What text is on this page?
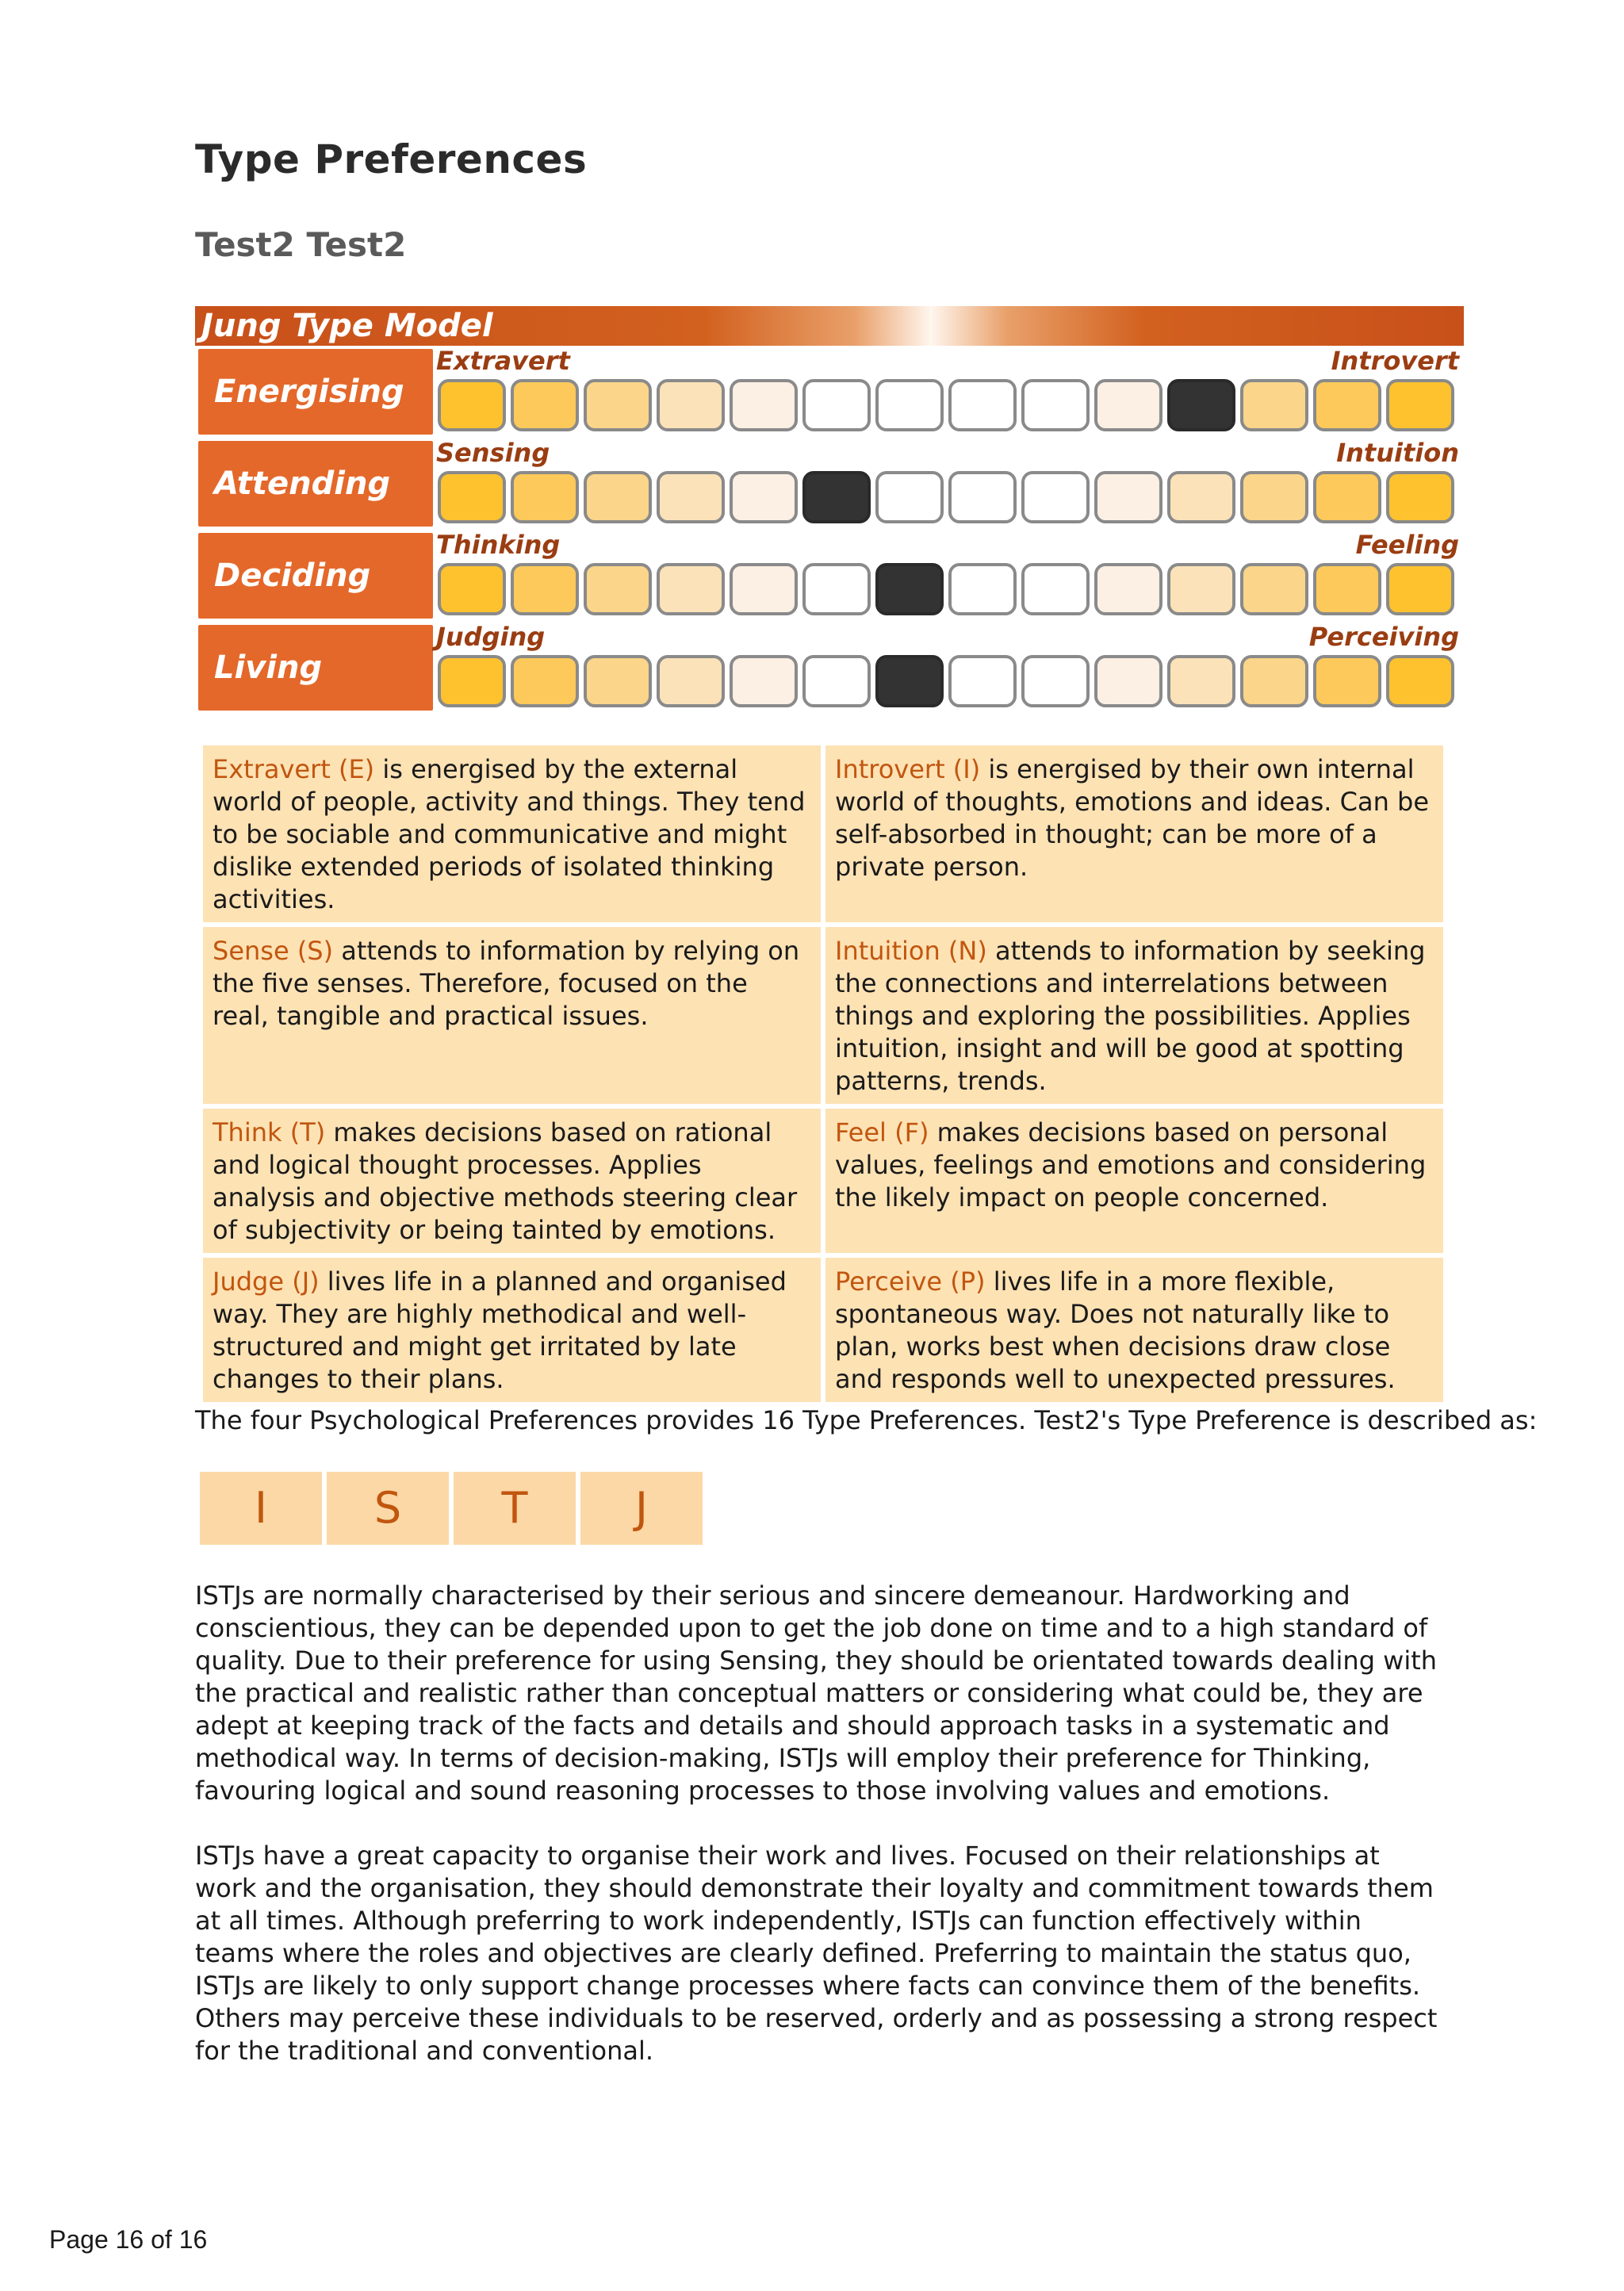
Type Preferences
Test2 Test2
Jung Type Model
Energising
Extravert	Introvert
Attending
Sensing	Intuition
Deciding
Thinking	Feeling
Living
Judging	Perceiving
Extravert (E) is energised by the external world of people, activity and things. They tend to be sociable and communicative and might dislike extended periods of isolated thinking activities.	Introvert (I) is energised by their own internal world of thoughts, emotions and ideas. Can be self-absorbed in thought; can be more of a private person.
Sense (S) attends to information by relying on the five senses. Therefore, focused on the real, tangible and practical issues.	Intuition (N) attends to information by seeking the connections and interrelations between things and exploring the possibilities. Applies intuition, insight and will be good at spotting patterns, trends.
Think (T) makes decisions based on rational and logical thought processes. Applies analysis and objective methods steering clear of subjectivity or being tainted by emotions.	Feel (F) makes decisions based on personal values, feelings and emotions and considering the likely impact on people concerned.
Judge (J) lives life in a planned and organised way. They are highly methodical and well-structured and might get irritated by late changes to their plans.	Perceive (P) lives life in a more flexible, spontaneous way. Does not naturally like to plan, works best when decisions draw close and responds well to unexpected pressures.

The four Psychological Preferences provides 16 Type Preferences. Test2's Type Preference is described as:

I	S	T	J

ISTJs are normally characterised by their serious and sincere demeanour. Hardworking and conscientious, they can be depended upon to get the job done on time and to a high standard of quality. Due to their preference for using Sensing, they should be orientated towards dealing with the practical and realistic rather than conceptual matters or considering what could be, they are adept at keeping track of the facts and details and should approach tasks in a systematic and methodical way. In terms of decision-making, ISTJs will employ their preference for Thinking, favouring logical and sound reasoning processes to those involving values and emotions.

ISTJs have a great capacity to organise their work and lives. Focused on their relationships at work and the organisation, they should demonstrate their loyalty and commitment towards them at all times. Although preferring to work independently, ISTJs can function effectively within teams where the roles and objectives are clearly defined. Preferring to maintain the status quo, ISTJs are likely to only support change processes where facts can convince them of the benefits. Others may perceive these individuals to be reserved, orderly and as possessing a strong respect for the traditional and conventional.

Page 16 of 16
